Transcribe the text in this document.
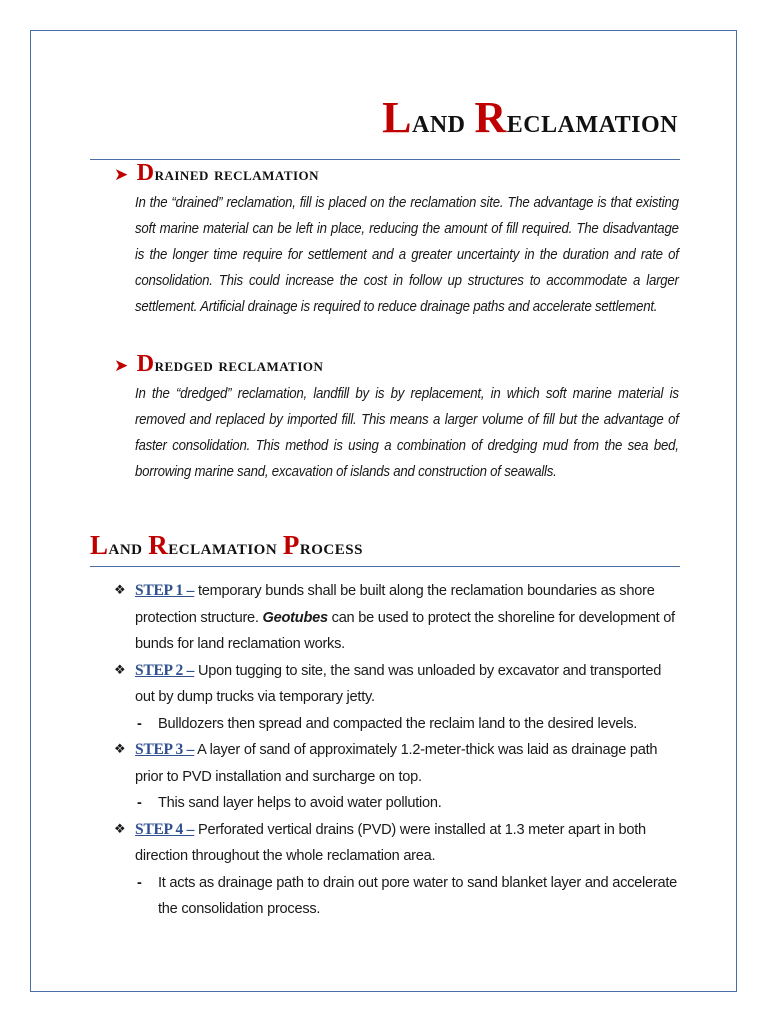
Land Reclamation
➤ Drained reclamation

In the “drained” reclamation, fill is placed on the reclamation site. The advantage is that existing soft marine material can be left in place, reducing the amount of fill required. The disadvantage is the longer time require for settlement and a greater uncertainty in the duration and rate of consolidation. This could increase the cost in follow up structures to accommodate a larger settlement. Artificial drainage is required to reduce drainage paths and accelerate settlement.

➤ Dredged reclamation

In the “dredged” reclamation, landfill by is by replacement, in which soft marine material is removed and replaced by imported fill. This means a larger volume of fill but the advantage of faster consolidation. This method is using a combination of dredging mud from the sea bed, borrowing marine sand, excavation of islands and construction of seawalls.

Land Reclamation Process
❖ STEP 1 – temporary bunds shall be built along the reclamation boundaries as shore protection structure. Geotubes can be used to protect the shoreline for development of bunds for land reclamation works.
❖ STEP 2 – Upon tugging to site, the sand was unloaded by excavator and transported out by dump trucks via temporary jetty.
- Bulldozers then spread and compacted the reclaim land to the desired levels.
❖ STEP 3 – A layer of sand of approximately 1.2-meter-thick was laid as drainage path prior to PVD installation and surcharge on top.
- This sand layer helps to avoid water pollution.
❖ STEP 4 – Perforated vertical drains (PVD) were installed at 1.3 meter apart in both direction throughout the whole reclamation area.
- It acts as drainage path to drain out pore water to sand blanket layer and accelerate the consolidation process.
